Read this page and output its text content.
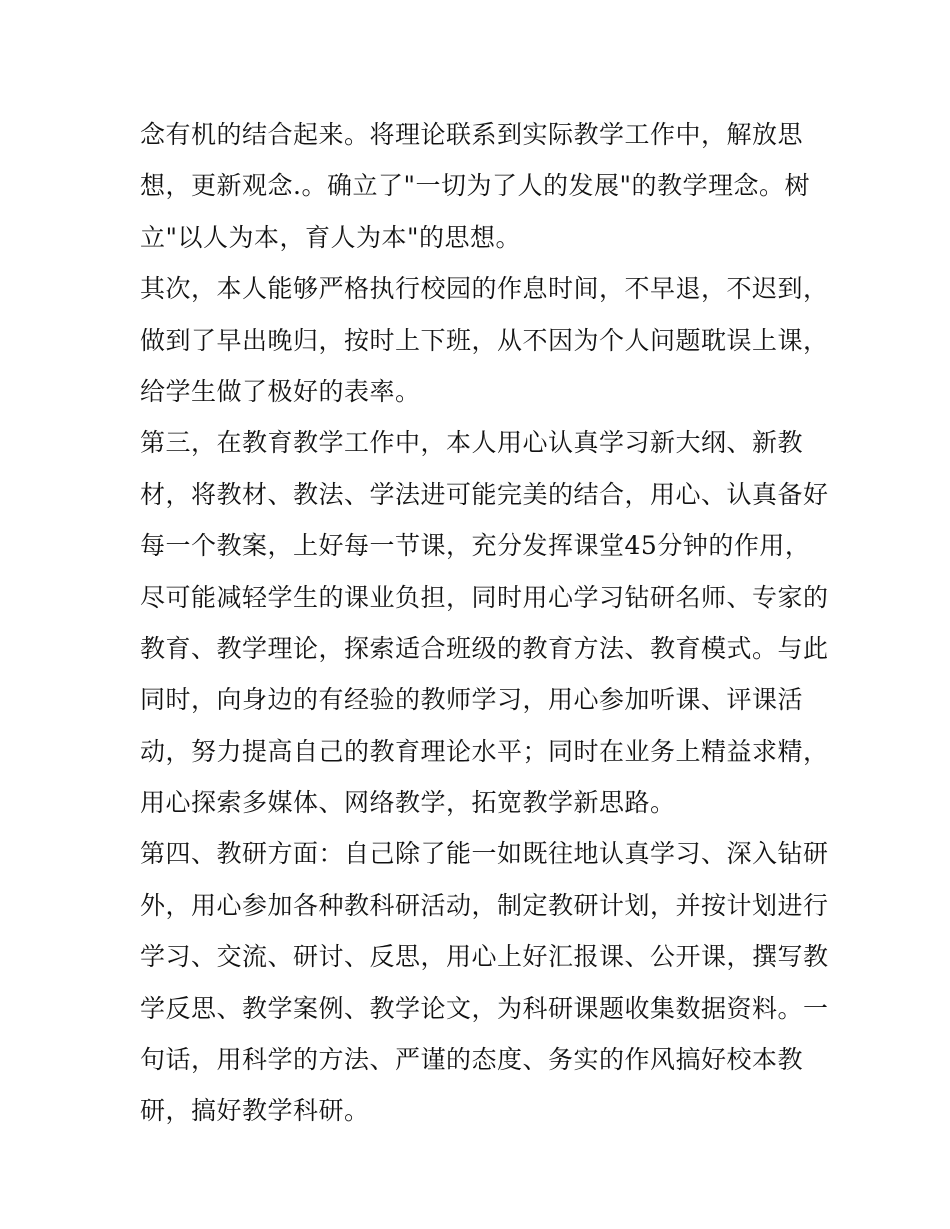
念有机的结合起来。将理论联系到实际教学工作中，解放思
想，更新观念.。确立了"一切为了人的发展"的教学理念。树
立"以人为本，育人为本"的思想。
其次，本人能够严格执行校园的作息时间，不早退，不迟到，
做到了早出晚归，按时上下班，从不因为个人问题耽误上课，
给学生做了极好的表率。
第三，在教育教学工作中，本人用心认真学习新大纲、新教
材，将教材、教法、学法进可能完美的结合，用心、认真备好
每一个教案，上好每一节课，充分发挥课堂45分钟的作用，
尽可能减轻学生的课业负担，同时用心学习钻研名师、专家的
教育、教学理论，探索适合班级的教育方法、教育模式。与此
同时，向身边的有经验的教师学习，用心参加听课、评课活
动，努力提高自己的教育理论水平；同时在业务上精益求精，
用心探索多媒体、网络教学，拓宽教学新思路。
第四、教研方面：自己除了能一如既往地认真学习、深入钻研
外，用心参加各种教科研活动，制定教研计划，并按计划进行
学习、交流、研讨、反思，用心上好汇报课、公开课，撰写教
学反思、教学案例、教学论文，为科研课题收集数据资料。一
句话，用科学的方法、严谨的态度、务实的作风搞好校本教
研，搞好教学科研。
